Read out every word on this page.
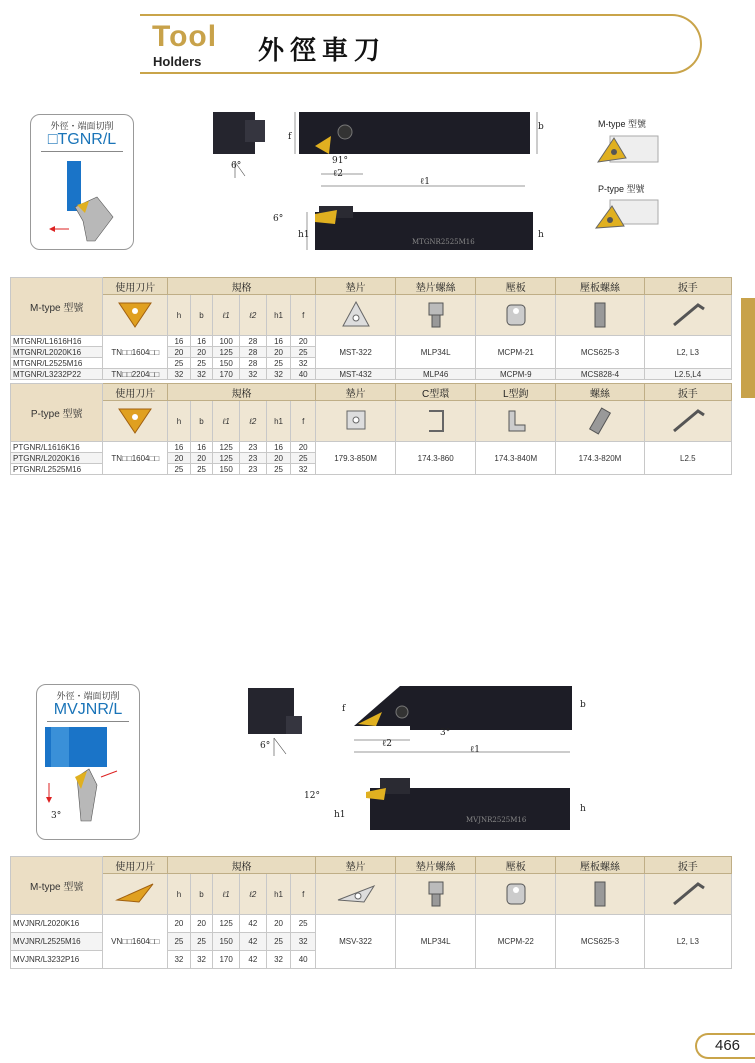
Tool
Holders 外徑車刀
外徑・端面切削
□TGNR/L
6°
f
b
91°
ℓ2
ℓ1
6°
h1	h
MTGNR2525M16
M-type 型號
P-type 型號
M-type 型號	使用刀片	規格						墊片	墊片螺絲	壓板	壓板螺絲	扳手
	h	b	ℓ1	ℓ2	h1	f					
MTGNR/L1616H16	TN□□1604□□	16	16	100	28	16	20	MST-322	MLP34L	MCPM-21	MCS625-3	L2, L3
MTGNR/L2020K16		20	20	125	28	20	25					
MTGNR/L2525M16		25	25	150	28	25	32					
MTGNR/L3232P22	TN□□2204□□	32	32	170	32	32	40	MST-432	MLP46	MCPM-9	MCS828-4	L2.5,L4
P-type 型號	使用刀片	規格						墊片	C型環	L型鉤	螺絲	扳手
	h	b	ℓ1	ℓ2	h1	f					
PTGNR/L1616K16	TN□□1604□□	16	16	125	23	16	20	179.3-850M	174.3-860	174.3-840M	174.3-820M	L2.5
PTGNR/L2020K16		20	20	125	23	20	25					
PTGNR/L2525M16		25	25	150	23	25	32					
外徑・端面切削
MVJNR/L
3°
6°
f	b
3°
ℓ2
ℓ1
12°
h1
h
MVJNR2525M16
M-type 型號	使用刀片	規格						墊片	墊片螺絲	壓板	壓板螺絲	扳手
	h	b	ℓ1	ℓ2	h1	f					
MVJNR/L2020K16	VN□□1604□□	20	20	125	42	20	25	MSV-322	MLP34L	MCPM-22	MCS625-3	L2, L3
MVJNR/L2525M16		25	25	150	42	25	32					
MVJNR/L3232P16		32	32	170	42	32	40					
466
